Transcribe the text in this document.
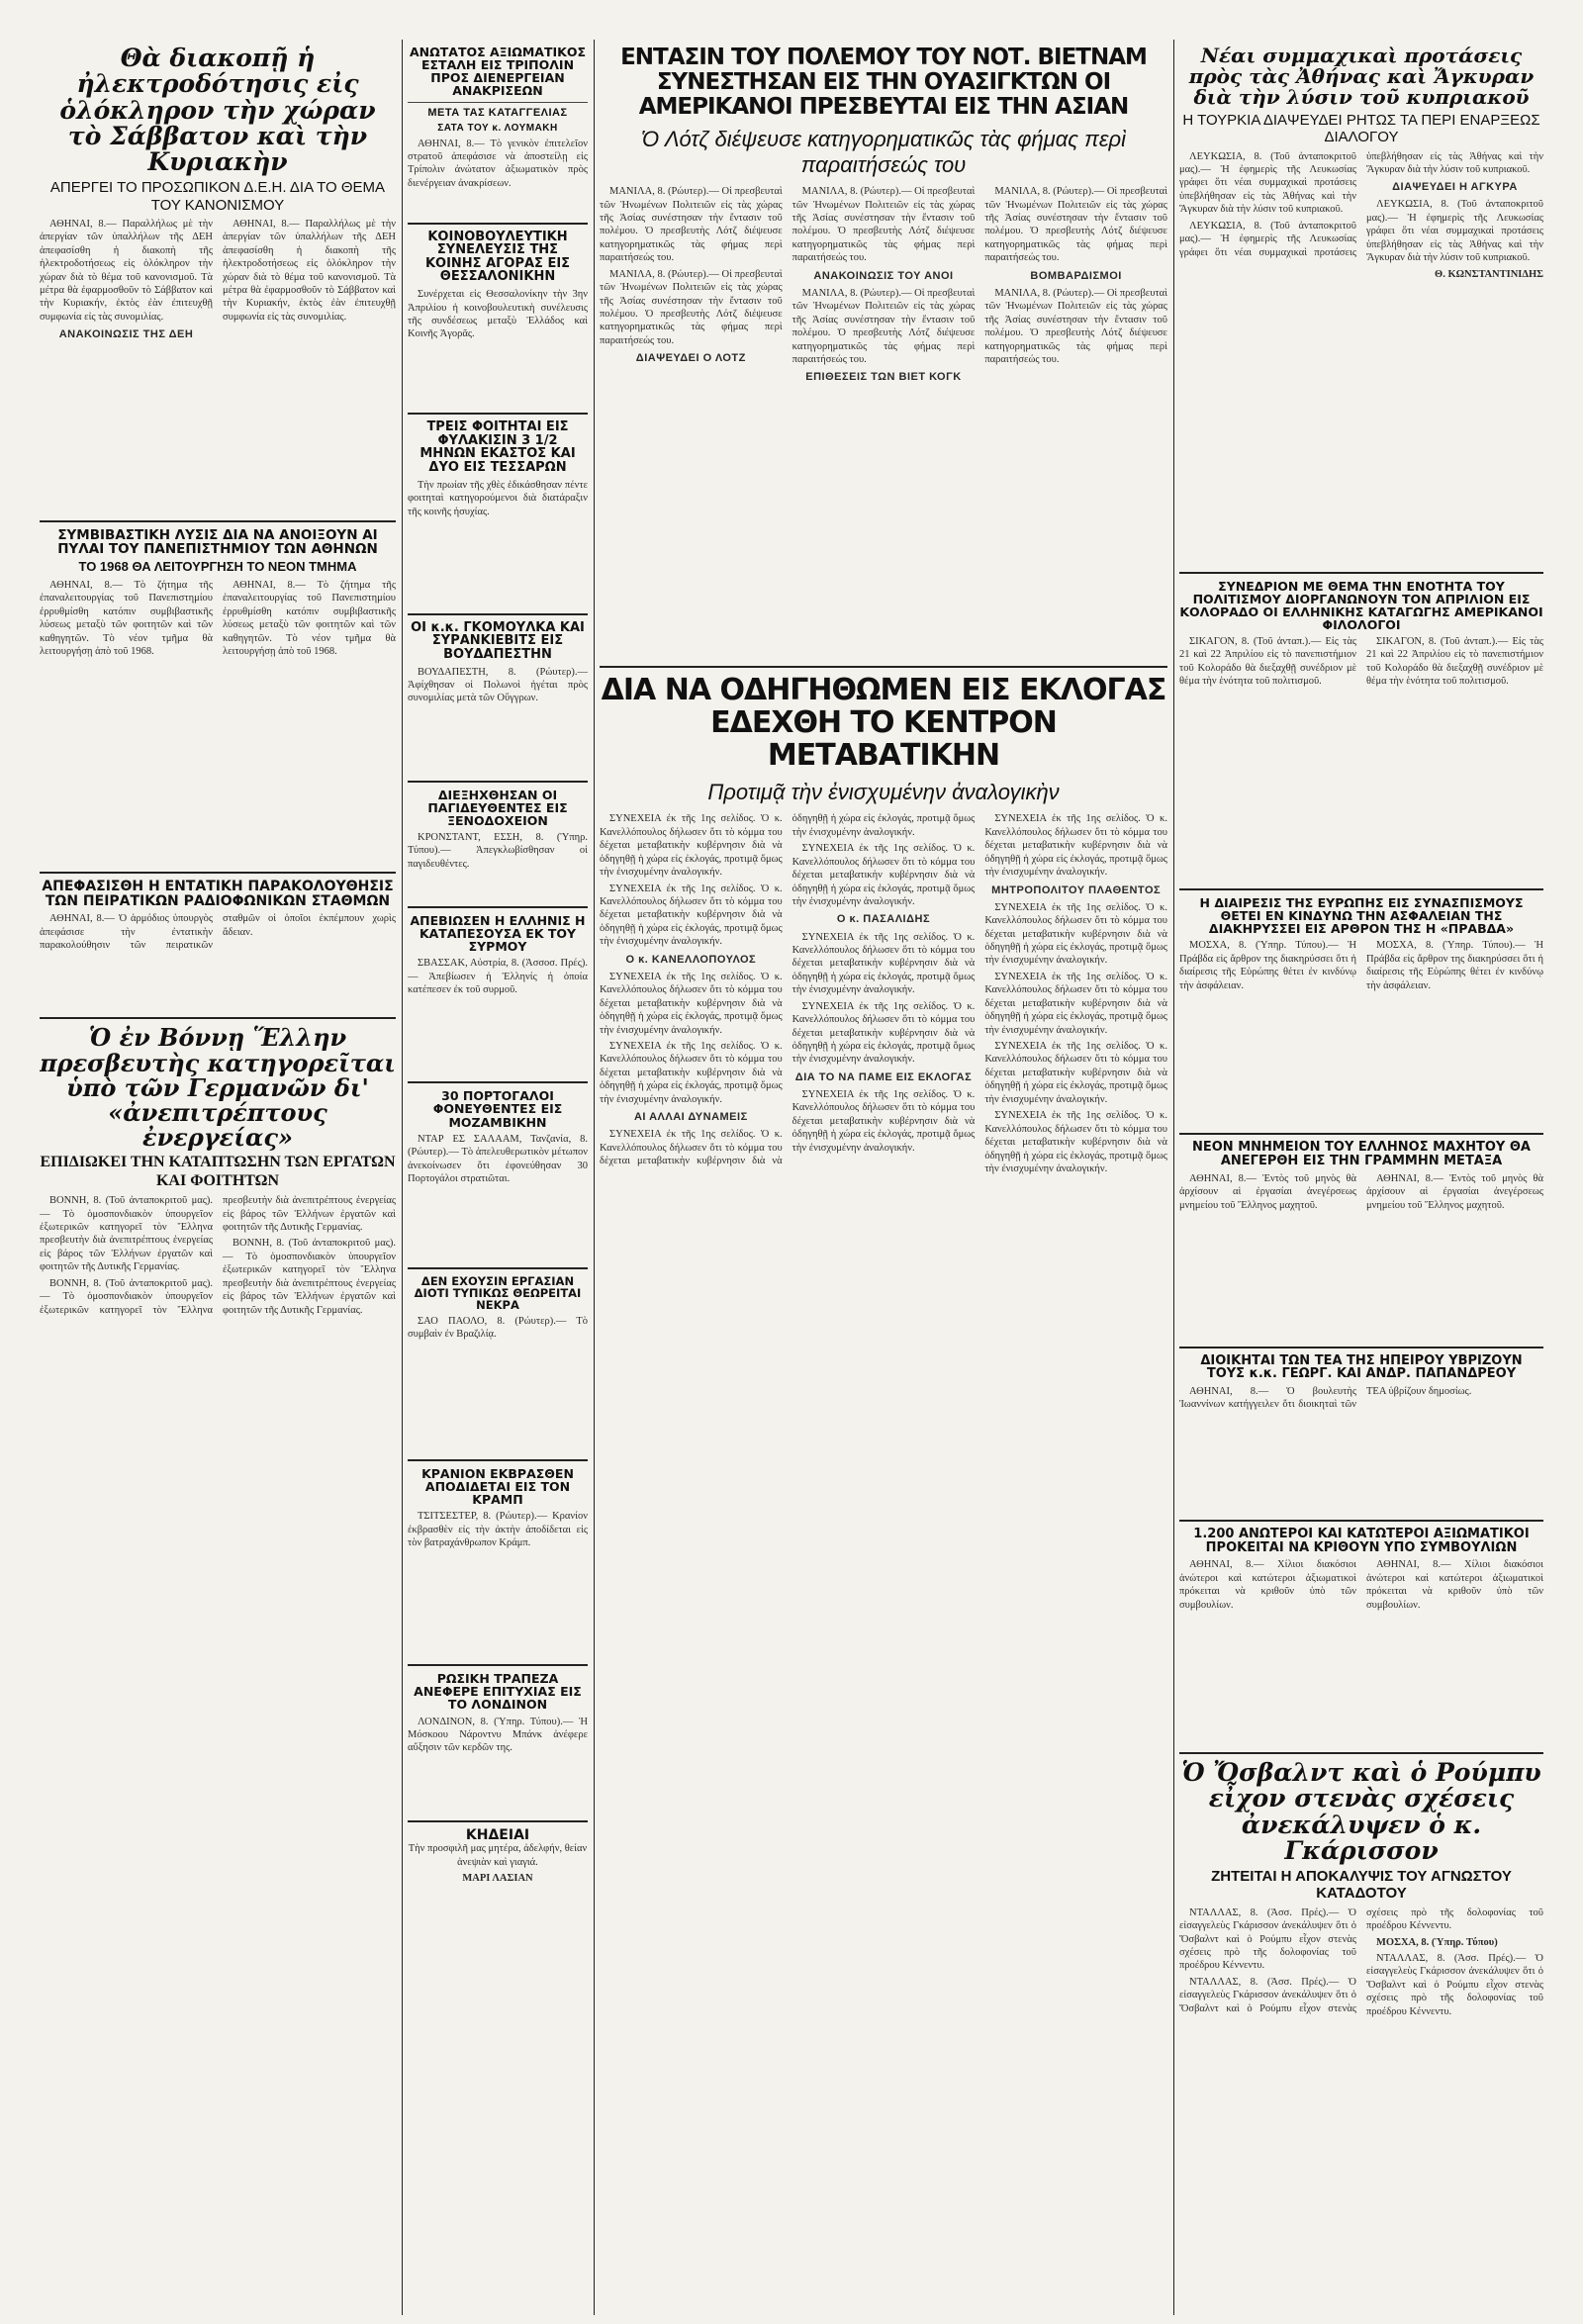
Θὰ διακοπῇ ἡ ἠλεκτροδότησις εἰς ὁλόκληρον τὴν χώραν τὸ Σάββατον καὶ τὴν Κυριακὴν
ΑΠΕΡΓΕΙ ΤΟ ΠΡΟΣΩΠΙΚΟΝ Δ.Ε.Η. ΔΙΑ ΤΟ ΘΕΜΑ ΤΟΥ ΚΑΝΟΝΙΣΜΟΥ

ΑΘΗΝΑΙ, 8.— Παραλλήλως μὲ τὴν ἀπεργίαν τῶν ὑπαλλήλων τῆς ΔΕΗ ἀπεφασίσθη ἡ διακοπὴ τῆς ἠλεκτροδοτήσεως εἰς ὁλόκληρον τὴν χώραν διὰ τὸ θέμα τοῦ κανονισμοῦ. Τὰ μέτρα θὰ ἐφαρμοσθοῦν τὸ Σάββατον καὶ τὴν Κυριακήν, ἐκτὸς ἐὰν ἐπιτευχθῇ συμφωνία εἰς τὰς συνομιλίας.

ΑΝΑΚΟΙΝΩΣΙΣ ΤΗΣ ΔΕΗ

ΑΘΗΝΑΙ, 8.— Παραλλήλως μὲ τὴν ἀπεργίαν τῶν ὑπαλλήλων τῆς ΔΕΗ ἀπεφασίσθη ἡ διακοπὴ τῆς ἠλεκτροδοτήσεως εἰς ὁλόκληρον τὴν χώραν διὰ τὸ θέμα τοῦ κανονισμοῦ. Τὰ μέτρα θὰ ἐφαρμοσθοῦν τὸ Σάββατον καὶ τὴν Κυριακήν, ἐκτὸς ἐὰν ἐπιτευχθῇ συμφωνία εἰς τὰς συνομιλίας.

ΣΥΜΒΙΒΑΣΤΙΚΗ ΛΥΣΙΣ ΔΙΑ ΝΑ ΑΝΟΙΞΟΥΝ ΑΙ ΠΥΛΑΙ ΤΟΥ ΠΑΝΕΠΙΣΤΗΜΙΟΥ ΤΩΝ ΑΘΗΝΩΝ
ΤΟ 1968 ΘΑ ΛΕΙΤΟΥΡΓΗΣΗ ΤΟ ΝΕΟΝ ΤΜΗΜΑ

ΑΘΗΝΑΙ, 8.— Τὸ ζήτημα τῆς ἐπαναλειτουργίας τοῦ Πανεπιστημίου ἐρρυθμίσθη κατόπιν συμβιβαστικῆς λύσεως μεταξὺ τῶν φοιτητῶν καὶ τῶν καθηγητῶν. Τὸ νέον τμῆμα θὰ λειτουργήσῃ ἀπὸ τοῦ 1968.

ΑΘΗΝΑΙ, 8.— Τὸ ζήτημα τῆς ἐπαναλειτουργίας τοῦ Πανεπιστημίου ἐρρυθμίσθη κατόπιν συμβιβαστικῆς λύσεως μεταξὺ τῶν φοιτητῶν καὶ τῶν καθηγητῶν. Τὸ νέον τμῆμα θὰ λειτουργήσῃ ἀπὸ τοῦ 1968.

ΑΠΕΦΑΣΙΣΘΗ Η ΕΝΤΑΤΙΚΗ ΠΑΡΑΚΟΛΟΥΘΗΣΙΣ ΤΩΝ ΠΕΙΡΑΤΙΚΩΝ ΡΑΔΙΟΦΩΝΙΚΩΝ ΣΤΑΘΜΩΝ

ΑΘΗΝΑΙ, 8.— Ὁ ἁρμόδιος ὑπουργὸς ἀπεφάσισε τὴν ἐντατικὴν παρακολούθησιν τῶν πειρατικῶν σταθμῶν οἱ ὁποῖοι ἐκπέμπουν χωρὶς ἄδειαν.

Ὁ ἐν Βόννῃ Ἕλλην πρεσβευτὴς κατηγορεῖται ὑπὸ τῶν Γερμανῶν δι' «ἀνεπιτρέπτους ἐνεργείας»
ΕΠΙΔΙΩΚΕΙ ΤΗΝ ΚΑΤΑΠΤΩΣΗΝ ΤΩΝ ΕΡΓΑΤΩΝ ΚΑΙ ΦΟΙΤΗΤΩΝ

ΒΟΝΝΗ, 8. (Τοῦ ἀνταποκριτοῦ μας).— Τὸ ὁμοσπονδιακὸν ὑπουργεῖον ἐξωτερικῶν κατηγορεῖ τὸν Ἕλληνα πρεσβευτὴν διὰ ἀνεπιτρέπτους ἐνεργείας εἰς βάρος τῶν Ἑλλήνων ἐργατῶν καὶ φοιτητῶν τῆς Δυτικῆς Γερμανίας.

ΒΟΝΝΗ, 8. (Τοῦ ἀνταποκριτοῦ μας).— Τὸ ὁμοσπονδιακὸν ὑπουργεῖον ἐξωτερικῶν κατηγορεῖ τὸν Ἕλληνα πρεσβευτὴν διὰ ἀνεπιτρέπτους ἐνεργείας εἰς βάρος τῶν Ἑλλήνων ἐργατῶν καὶ φοιτητῶν τῆς Δυτικῆς Γερμανίας.

ΒΟΝΝΗ, 8. (Τοῦ ἀνταποκριτοῦ μας).— Τὸ ὁμοσπονδιακὸν ὑπουργεῖον ἐξωτερικῶν κατηγορεῖ τὸν Ἕλληνα πρεσβευτὴν διὰ ἀνεπιτρέπτους ἐνεργείας εἰς βάρος τῶν Ἑλλήνων ἐργατῶν καὶ φοιτητῶν τῆς Δυτικῆς Γερμανίας.

ΑΝΩΤΑΤΟΣ ΑΞΙΩΜΑΤΙΚΟΣ ΕΣΤΑΛΗ ΕΙΣ ΤΡΙΠΟΛΙΝ ΠΡΟΣ ΔΙΕΝΕΡΓΕΙΑΝ ΑΝΑΚΡΙΣΕΩΝ
ΜΕΤΑ ΤΑΣ ΚΑΤΑΓΓΕΛΙΑΣ
ΣΑΤΑ ΤΟΥ κ. ΛΟΥΜΑΚΗ

ΑΘΗΝΑΙ, 8.— Τὸ γενικὸν ἐπιτελεῖον στρατοῦ ἀπεφάσισε νὰ ἀποστείλῃ εἰς Τρίπολιν ἀνώτατον ἀξιωματικὸν πρὸς διενέργειαν ἀνακρίσεων.

ΚΟΙΝΟΒΟΥΛΕΥΤΙΚΗ ΣΥΝΕΛΕΥΣΙΣ ΤΗΣ ΚΟΙΝΗΣ ΑΓΟΡΑΣ ΕΙΣ ΘΕΣΣΑΛΟΝΙΚΗΝ

Συνέρχεται εἰς Θεσσαλονίκην τὴν 3ην Ἀπριλίου ἡ κοινοβουλευτικὴ συνέλευσις τῆς συνδέσεως μεταξὺ Ἑλλάδος καὶ Κοινῆς Ἀγορᾶς.

ΤΡΕΙΣ ΦΟΙΤΗΤΑΙ ΕΙΣ ΦΥΛΑΚΙΣΙΝ 3 1/2 ΜΗΝΩΝ ΕΚΑΣΤΟΣ ΚΑΙ ΔΥΟ ΕΙΣ ΤΕΣΣΑΡΩΝ

Τὴν πρωίαν τῆς χθὲς ἐδικάσθησαν πέντε φοιτηταὶ κατηγορούμενοι διὰ διατάραξιν τῆς κοινῆς ἡσυχίας.

ΟΙ κ.κ. ΓΚΟΜΟΥΛΚΑ ΚΑΙ ΣΥΡΑΝΚΙΕΒΙΤΣ ΕΙΣ ΒΟΥΔΑΠΕΣΤΗΝ

ΒΟΥΔΑΠΕΣΤΗ, 8. (Ρώυτερ).— Ἀφίχθησαν οἱ Πολωνοὶ ἡγέται πρὸς συνομιλίας μετὰ τῶν Οὕγγρων.

ΔΙΕΞΗΧΘΗΣΑΝ ΟΙ ΠΑΓΙΔΕΥΘΕΝΤΕΣ ΕΙΣ ΞΕΝΟΔΟΧΕΙΟΝ

ΚΡΟΝΣΤΑΝΤ, ΕΣΣΗ, 8. (Ὑπηρ. Τύπου).— Ἀπεγκλωβίσθησαν οἱ παγιδευθέντες.

ΑΠΕΒΙΩΣΕΝ Η ΕΛΛΗΝΙΣ Η ΚΑΤΑΠΕΣΟΥΣΑ ΕΚ ΤΟΥ ΣΥΡΜΟΥ

ΣΒΑΣΣΑΚ, Αὐστρία, 8. (Ἀσσοσ. Πρές).— Ἀπεβίωσεν ἡ Ἑλληνίς ἡ ὁποία κατέπεσεν ἐκ τοῦ συρμοῦ.

30 ΠΟΡΤΟΓΑΛΟΙ ΦΟΝΕΥΘΕΝΤΕΣ ΕΙΣ ΜΟΖΑΜΒΙΚΗΝ

ΝΤΑΡ ΕΣ ΣΑΛΑΑΜ, Τανζανία, 8. (Ρώυτερ).— Τὸ ἀπελευθερωτικὸν μέτωπον ἀνεκοίνωσεν ὅτι ἐφονεύθησαν 30 Πορτογάλοι στρατιῶται.

ΔΕΝ ΕΧΟΥΣΙΝ ΕΡΓΑΣΙΑΝ ΔΙΟΤΙ ΤΥΠΙΚΩΣ ΘΕΩΡΕΙΤΑΙ ΝΕΚΡΑ

ΣΑΟ ΠΑΟΛΟ, 8. (Ρώυτερ).— Τὸ συμβαὶν ἐν Βραζιλίᾳ.

ΚΡΑΝΙΟΝ ΕΚΒΡΑΣΘΕΝ ΑΠΟΔΙΔΕΤΑΙ ΕΙΣ ΤΟΝ ΚΡΑΜΠ

ΤΣΙΤΣΕΣΤΕΡ, 8. (Ρώυτερ).— Κρανίον ἐκβρασθὲν εἰς τὴν ἀκτὴν ἀποδίδεται εἰς τὸν βατραχάνθρωπον Κράμπ.

ΡΩΣΙΚΗ ΤΡΑΠΕΖΑ ΑΝΕΦΕΡΕ ΕΠΙΤΥΧΙΑΣ ΕΙΣ ΤΟ ΛΟΝΔΙΝΟΝ

ΛΟΝΔΙΝΟΝ, 8. (Ὑπηρ. Τύπου).— Ἡ Μόσκοου Νάροντνυ Μπάνκ ἀνέφερε αὔξησιν τῶν κερδῶν της.

ΚΗΔΕΙΑΙ

Τὴν προσφιλῆ μας μητέρα, ἀδελφήν, θείαν ἀνεψιὰν καὶ γιαγιά.

ΜΑΡΙ ΛΑΣΙΑΝ

ΕΝΤΑΣΙΝ ΤΟΥ ΠΟΛΕΜΟΥ ΤΟΥ ΝΟΤ. ΒΙΕΤΝΑΜ ΣΥΝΕΣΤΗΣΑΝ ΕΙΣ ΤΗΝ ΟΥΑΣΙΓΚΤΩΝ ΟΙ ΑΜΕΡΙΚΑΝΟΙ ΠΡΕΣΒΕΥΤΑΙ ΕΙΣ ΤΗΝ ΑΣΙΑΝ
Ὁ Λότζ διέψευσε κατηγορηματικῶς τὰς φήμας περὶ παραιτήσεώς του

ΜΑΝΙΛΑ, 8. (Ρώυτερ).— Οἱ πρεσβευταὶ τῶν Ἡνωμένων Πολιτειῶν εἰς τὰς χώρας τῆς Ἀσίας συνέστησαν τὴν ἔντασιν τοῦ πολέμου. Ὁ πρεσβευτὴς Λότζ διέψευσε κατηγορηματικῶς τὰς φήμας περὶ παραιτήσεώς του.

ΜΑΝΙΛΑ, 8. (Ρώυτερ).— Οἱ πρεσβευταὶ τῶν Ἡνωμένων Πολιτειῶν εἰς τὰς χώρας τῆς Ἀσίας συνέστησαν τὴν ἔντασιν τοῦ πολέμου. Ὁ πρεσβευτὴς Λότζ διέψευσε κατηγορηματικῶς τὰς φήμας περὶ παραιτήσεώς του.

ΔΙΑΨΕΥΔΕΙ Ο ΛΟΤΖ

ΜΑΝΙΛΑ, 8. (Ρώυτερ).— Οἱ πρεσβευταὶ τῶν Ἡνωμένων Πολιτειῶν εἰς τὰς χώρας τῆς Ἀσίας συνέστησαν τὴν ἔντασιν τοῦ πολέμου. Ὁ πρεσβευτὴς Λότζ διέψευσε κατηγορηματικῶς τὰς φήμας περὶ παραιτήσεώς του.

ΑΝΑΚΟΙΝΩΣΙΣ ΤΟΥ ΑΝΟΙ

ΜΑΝΙΛΑ, 8. (Ρώυτερ).— Οἱ πρεσβευταὶ τῶν Ἡνωμένων Πολιτειῶν εἰς τὰς χώρας τῆς Ἀσίας συνέστησαν τὴν ἔντασιν τοῦ πολέμου. Ὁ πρεσβευτὴς Λότζ διέψευσε κατηγορηματικῶς τὰς φήμας περὶ παραιτήσεώς του.

ΕΠΙΘΕΣΕΙΣ ΤΩΝ ΒΙΕΤ ΚΟΓΚ

ΜΑΝΙΛΑ, 8. (Ρώυτερ).— Οἱ πρεσβευταὶ τῶν Ἡνωμένων Πολιτειῶν εἰς τὰς χώρας τῆς Ἀσίας συνέστησαν τὴν ἔντασιν τοῦ πολέμου. Ὁ πρεσβευτὴς Λότζ διέψευσε κατηγορηματικῶς τὰς φήμας περὶ παραιτήσεώς του.

ΒΟΜΒΑΡΔΙΣΜΟΙ

ΜΑΝΙΛΑ, 8. (Ρώυτερ).— Οἱ πρεσβευταὶ τῶν Ἡνωμένων Πολιτειῶν εἰς τὰς χώρας τῆς Ἀσίας συνέστησαν τὴν ἔντασιν τοῦ πολέμου. Ὁ πρεσβευτὴς Λότζ διέψευσε κατηγορηματικῶς τὰς φήμας περὶ παραιτήσεώς του.

ΔΙΑ ΝΑ ΟΔΗΓΗΘΩΜΕΝ ΕΙΣ ΕΚΛΟΓΑΣ ΕΔΕΧΘΗ ΤΟ ΚΕΝΤΡΟΝ ΜΕΤΑΒΑΤΙΚΗΝ
Προτιμᾷ τὴν ἐνισχυμένην ἀναλογικὴν

ΣΥΝΕΧΕΙΑ ἐκ τῆς 1ης σελίδος. Ὁ κ. Κανελλόπουλος δήλωσεν ὅτι τὸ κόμμα του δέχεται μεταβατικὴν κυβέρνησιν διὰ νὰ ὁδηγηθῇ ἡ χώρα εἰς ἐκλογάς, προτιμᾷ ὅμως τὴν ἐνισχυμένην ἀναλογικήν.

ΣΥΝΕΧΕΙΑ ἐκ τῆς 1ης σελίδος. Ὁ κ. Κανελλόπουλος δήλωσεν ὅτι τὸ κόμμα του δέχεται μεταβατικὴν κυβέρνησιν διὰ νὰ ὁδηγηθῇ ἡ χώρα εἰς ἐκλογάς, προτιμᾷ ὅμως τὴν ἐνισχυμένην ἀναλογικήν.

Ο κ. ΚΑΝΕΛΛΟΠΟΥΛΟΣ

ΣΥΝΕΧΕΙΑ ἐκ τῆς 1ης σελίδος. Ὁ κ. Κανελλόπουλος δήλωσεν ὅτι τὸ κόμμα του δέχεται μεταβατικὴν κυβέρνησιν διὰ νὰ ὁδηγηθῇ ἡ χώρα εἰς ἐκλογάς, προτιμᾷ ὅμως τὴν ἐνισχυμένην ἀναλογικήν.

ΣΥΝΕΧΕΙΑ ἐκ τῆς 1ης σελίδος. Ὁ κ. Κανελλόπουλος δήλωσεν ὅτι τὸ κόμμα του δέχεται μεταβατικὴν κυβέρνησιν διὰ νὰ ὁδηγηθῇ ἡ χώρα εἰς ἐκλογάς, προτιμᾷ ὅμως τὴν ἐνισχυμένην ἀναλογικήν.

ΑΙ ΑΛΛΑΙ ΔΥΝΑΜΕΙΣ

ΣΥΝΕΧΕΙΑ ἐκ τῆς 1ης σελίδος. Ὁ κ. Κανελλόπουλος δήλωσεν ὅτι τὸ κόμμα του δέχεται μεταβατικὴν κυβέρνησιν διὰ νὰ ὁδηγηθῇ ἡ χώρα εἰς ἐκλογάς, προτιμᾷ ὅμως τὴν ἐνισχυμένην ἀναλογικήν.

ΣΥΝΕΧΕΙΑ ἐκ τῆς 1ης σελίδος. Ὁ κ. Κανελλόπουλος δήλωσεν ὅτι τὸ κόμμα του δέχεται μεταβατικὴν κυβέρνησιν διὰ νὰ ὁδηγηθῇ ἡ χώρα εἰς ἐκλογάς, προτιμᾷ ὅμως τὴν ἐνισχυμένην ἀναλογικήν.

Ο κ. ΠΑΣΑΛΙΔΗΣ

ΣΥΝΕΧΕΙΑ ἐκ τῆς 1ης σελίδος. Ὁ κ. Κανελλόπουλος δήλωσεν ὅτι τὸ κόμμα του δέχεται μεταβατικὴν κυβέρνησιν διὰ νὰ ὁδηγηθῇ ἡ χώρα εἰς ἐκλογάς, προτιμᾷ ὅμως τὴν ἐνισχυμένην ἀναλογικήν.

ΣΥΝΕΧΕΙΑ ἐκ τῆς 1ης σελίδος. Ὁ κ. Κανελλόπουλος δήλωσεν ὅτι τὸ κόμμα του δέχεται μεταβατικὴν κυβέρνησιν διὰ νὰ ὁδηγηθῇ ἡ χώρα εἰς ἐκλογάς, προτιμᾷ ὅμως τὴν ἐνισχυμένην ἀναλογικήν.

ΔΙΑ ΤΟ ΝΑ ΠΑΜΕ ΕΙΣ ΕΚΛΟΓΑΣ

ΣΥΝΕΧΕΙΑ ἐκ τῆς 1ης σελίδος. Ὁ κ. Κανελλόπουλος δήλωσεν ὅτι τὸ κόμμα του δέχεται μεταβατικὴν κυβέρνησιν διὰ νὰ ὁδηγηθῇ ἡ χώρα εἰς ἐκλογάς, προτιμᾷ ὅμως τὴν ἐνισχυμένην ἀναλογικήν.

ΣΥΝΕΧΕΙΑ ἐκ τῆς 1ης σελίδος. Ὁ κ. Κανελλόπουλος δήλωσεν ὅτι τὸ κόμμα του δέχεται μεταβατικὴν κυβέρνησιν διὰ νὰ ὁδηγηθῇ ἡ χώρα εἰς ἐκλογάς, προτιμᾷ ὅμως τὴν ἐνισχυμένην ἀναλογικήν.

ΜΗΤΡΟΠΟΛΙΤΟΥ ΠΛΑΘΕΝΤΟΣ

ΣΥΝΕΧΕΙΑ ἐκ τῆς 1ης σελίδος. Ὁ κ. Κανελλόπουλος δήλωσεν ὅτι τὸ κόμμα του δέχεται μεταβατικὴν κυβέρνησιν διὰ νὰ ὁδηγηθῇ ἡ χώρα εἰς ἐκλογάς, προτιμᾷ ὅμως τὴν ἐνισχυμένην ἀναλογικήν.

ΣΥΝΕΧΕΙΑ ἐκ τῆς 1ης σελίδος. Ὁ κ. Κανελλόπουλος δήλωσεν ὅτι τὸ κόμμα του δέχεται μεταβατικὴν κυβέρνησιν διὰ νὰ ὁδηγηθῇ ἡ χώρα εἰς ἐκλογάς, προτιμᾷ ὅμως τὴν ἐνισχυμένην ἀναλογικήν.

ΣΥΝΕΧΕΙΑ ἐκ τῆς 1ης σελίδος. Ὁ κ. Κανελλόπουλος δήλωσεν ὅτι τὸ κόμμα του δέχεται μεταβατικὴν κυβέρνησιν διὰ νὰ ὁδηγηθῇ ἡ χώρα εἰς ἐκλογάς, προτιμᾷ ὅμως τὴν ἐνισχυμένην ἀναλογικήν.

ΣΥΝΕΧΕΙΑ ἐκ τῆς 1ης σελίδος. Ὁ κ. Κανελλόπουλος δήλωσεν ὅτι τὸ κόμμα του δέχεται μεταβατικὴν κυβέρνησιν διὰ νὰ ὁδηγηθῇ ἡ χώρα εἰς ἐκλογάς, προτιμᾷ ὅμως τὴν ἐνισχυμένην ἀναλογικήν.

Νέαι συμμαχικαὶ προτάσεις πρὸς τὰς Ἀθήνας καὶ Ἄγκυραν διὰ τὴν λύσιν τοῦ κυπριακοῦ
Η ΤΟΥΡΚΙΑ ΔΙΑΨΕΥΔΕΙ ΡΗΤΩΣ ΤΑ ΠΕΡΙ ΕΝΑΡΞΕΩΣ ΔΙΑΛΟΓΟΥ

ΛΕΥΚΩΣΙΑ, 8. (Τοῦ ἀνταποκριτοῦ μας).— Ἡ ἐφημερὶς τῆς Λευκωσίας γράφει ὅτι νέαι συμμαχικαὶ προτάσεις ὑπεβλήθησαν εἰς τὰς Ἀθήνας καὶ τὴν Ἄγκυραν διὰ τὴν λύσιν τοῦ κυπριακοῦ.

ΛΕΥΚΩΣΙΑ, 8. (Τοῦ ἀνταποκριτοῦ μας).— Ἡ ἐφημερὶς τῆς Λευκωσίας γράφει ὅτι νέαι συμμαχικαὶ προτάσεις ὑπεβλήθησαν εἰς τὰς Ἀθήνας καὶ τὴν Ἄγκυραν διὰ τὴν λύσιν τοῦ κυπριακοῦ.

ΔΙΑΨΕΥΔΕΙ Η ΑΓΚΥΡΑ

ΛΕΥΚΩΣΙΑ, 8. (Τοῦ ἀνταποκριτοῦ μας).— Ἡ ἐφημερὶς τῆς Λευκωσίας γράφει ὅτι νέαι συμμαχικαὶ προτάσεις ὑπεβλήθησαν εἰς τὰς Ἀθήνας καὶ τὴν Ἄγκυραν διὰ τὴν λύσιν τοῦ κυπριακοῦ.

Θ. ΚΩΝΣΤΑΝΤΙΝΙΔΗΣ

ΣΥΝΕΔΡΙΟΝ ΜΕ ΘΕΜΑ ΤΗΝ ΕΝΟΤΗΤΑ ΤΟΥ ΠΟΛΙΤΙΣΜΟΥ ΔΙΟΡΓΑΝΩΝΟΥΝ ΤΟΝ ΑΠΡΙΛΙΟΝ ΕΙΣ ΚΟΛΟΡΑΔΟ ΟΙ ΕΛΛΗΝΙΚΗΣ ΚΑΤΑΓΩΓΗΣ ΑΜΕΡΙΚΑΝΟΙ ΦΙΛΟΛΟΓΟΙ

ΣΙΚΑΓΟΝ, 8. (Τοῦ ἀνταπ.).— Εἰς τὰς 21 καὶ 22 Ἀπριλίου εἰς τὸ πανεπιστήμιον τοῦ Κολοράδο θὰ διεξαχθῇ συνέδριον μὲ θέμα τὴν ἑνότητα τοῦ πολιτισμοῦ.

ΣΙΚΑΓΟΝ, 8. (Τοῦ ἀνταπ.).— Εἰς τὰς 21 καὶ 22 Ἀπριλίου εἰς τὸ πανεπιστήμιον τοῦ Κολοράδο θὰ διεξαχθῇ συνέδριον μὲ θέμα τὴν ἑνότητα τοῦ πολιτισμοῦ.

Η ΔΙΑΙΡΕΣΙΣ ΤΗΣ ΕΥΡΩΠΗΣ ΕΙΣ ΣΥΝΑΣΠΙΣΜΟΥΣ ΘΕΤΕΙ ΕΝ ΚΙΝΔΥΝΩ ΤΗΝ ΑΣΦΑΛΕΙΑΝ ΤΗΣ ΔΙΑΚΗΡΥΣΣΕΙ ΕΙΣ ΑΡΘΡΟΝ ΤΗΣ Η «ΠΡΑΒΔΑ»

ΜΟΣΧΑ, 8. (Ὑπηρ. Τύπου).— Ἡ Πράβδα εἰς ἄρθρον της διακηρύσσει ὅτι ἡ διαίρεσις τῆς Εὐρώπης θέτει ἐν κινδύνῳ τὴν ἀσφάλειαν.

ΜΟΣΧΑ, 8. (Ὑπηρ. Τύπου).— Ἡ Πράβδα εἰς ἄρθρον της διακηρύσσει ὅτι ἡ διαίρεσις τῆς Εὐρώπης θέτει ἐν κινδύνῳ τὴν ἀσφάλειαν.

ΝΕΟΝ ΜΝΗΜΕΙΟΝ ΤΟΥ ΕΛΛΗΝΟΣ ΜΑΧΗΤΟΥ ΘΑ ΑΝΕΓΕΡΘΗ ΕΙΣ ΤΗΝ ΓΡΑΜΜΗΝ ΜΕΤΑΞΑ

ΑΘΗΝΑΙ, 8.— Ἐντὸς τοῦ μηνὸς θὰ ἀρχίσουν αἱ ἐργασίαι ἀνεγέρσεως μνημείου τοῦ Ἕλληνος μαχητοῦ.

ΑΘΗΝΑΙ, 8.— Ἐντὸς τοῦ μηνὸς θὰ ἀρχίσουν αἱ ἐργασίαι ἀνεγέρσεως μνημείου τοῦ Ἕλληνος μαχητοῦ.

ΔΙΟΙΚΗΤΑΙ ΤΩΝ ΤΕΑ ΤΗΣ ΗΠΕΙΡΟΥ ΥΒΡΙΖΟΥΝ ΤΟΥΣ κ.κ. ΓΕΩΡΓ. ΚΑΙ ΑΝΔΡ. ΠΑΠΑΝΔΡΕΟΥ

ΑΘΗΝΑΙ, 8.— Ὁ βουλευτὴς Ἰωαννίνων κατήγγειλεν ὅτι διοικηταὶ τῶν ΤΕΑ ὑβρίζουν δημοσίως.

1.200 ΑΝΩΤΕΡΟΙ ΚΑΙ ΚΑΤΩΤΕΡΟΙ ΑΞΙΩΜΑΤΙΚΟΙ ΠΡΟΚΕΙΤΑΙ ΝΑ ΚΡΙΘΟΥΝ ΥΠΟ ΣΥΜΒΟΥΛΙΩΝ

ΑΘΗΝΑΙ, 8.— Χίλιοι διακόσιοι ἀνώτεροι καὶ κατώτεροι ἀξιωματικοὶ πρόκειται νὰ κριθοῦν ὑπὸ τῶν συμβουλίων.

ΑΘΗΝΑΙ, 8.— Χίλιοι διακόσιοι ἀνώτεροι καὶ κατώτεροι ἀξιωματικοὶ πρόκειται νὰ κριθοῦν ὑπὸ τῶν συμβουλίων.

Ὁ Ὄσβαλντ καὶ ὁ Ρούμπυ εἶχον στενὰς σχέσεις ἀνεκάλυψεν ὁ κ. Γκάρισσον
ΖΗΤΕΙΤΑΙ Η ΑΠΟΚΑΛΥΨΙΣ ΤΟΥ ΑΓΝΩΣΤΟΥ ΚΑΤΑΔΟΤΟΥ

ΝΤΑΛΛΑΣ, 8. (Ἀσσ. Πρές).— Ὁ εἰσαγγελεὺς Γκάρισσον ἀνεκάλυψεν ὅτι ὁ Ὄσβαλντ καὶ ὁ Ρούμπυ εἶχον στενὰς σχέσεις πρὸ τῆς δολοφονίας τοῦ προέδρου Κέννεντυ.

ΝΤΑΛΛΑΣ, 8. (Ἀσσ. Πρές).— Ὁ εἰσαγγελεὺς Γκάρισσον ἀνεκάλυψεν ὅτι ὁ Ὄσβαλντ καὶ ὁ Ρούμπυ εἶχον στενὰς σχέσεις πρὸ τῆς δολοφονίας τοῦ προέδρου Κέννεντυ.

ΜΟΣΧΑ, 8. (Ὑπηρ. Τύπου)

ΝΤΑΛΛΑΣ, 8. (Ἀσσ. Πρές).— Ὁ εἰσαγγελεὺς Γκάρισσον ἀνεκάλυψεν ὅτι ὁ Ὄσβαλντ καὶ ὁ Ρούμπυ εἶχον στενὰς σχέσεις πρὸ τῆς δολοφονίας τοῦ προέδρου Κέννεντυ.
